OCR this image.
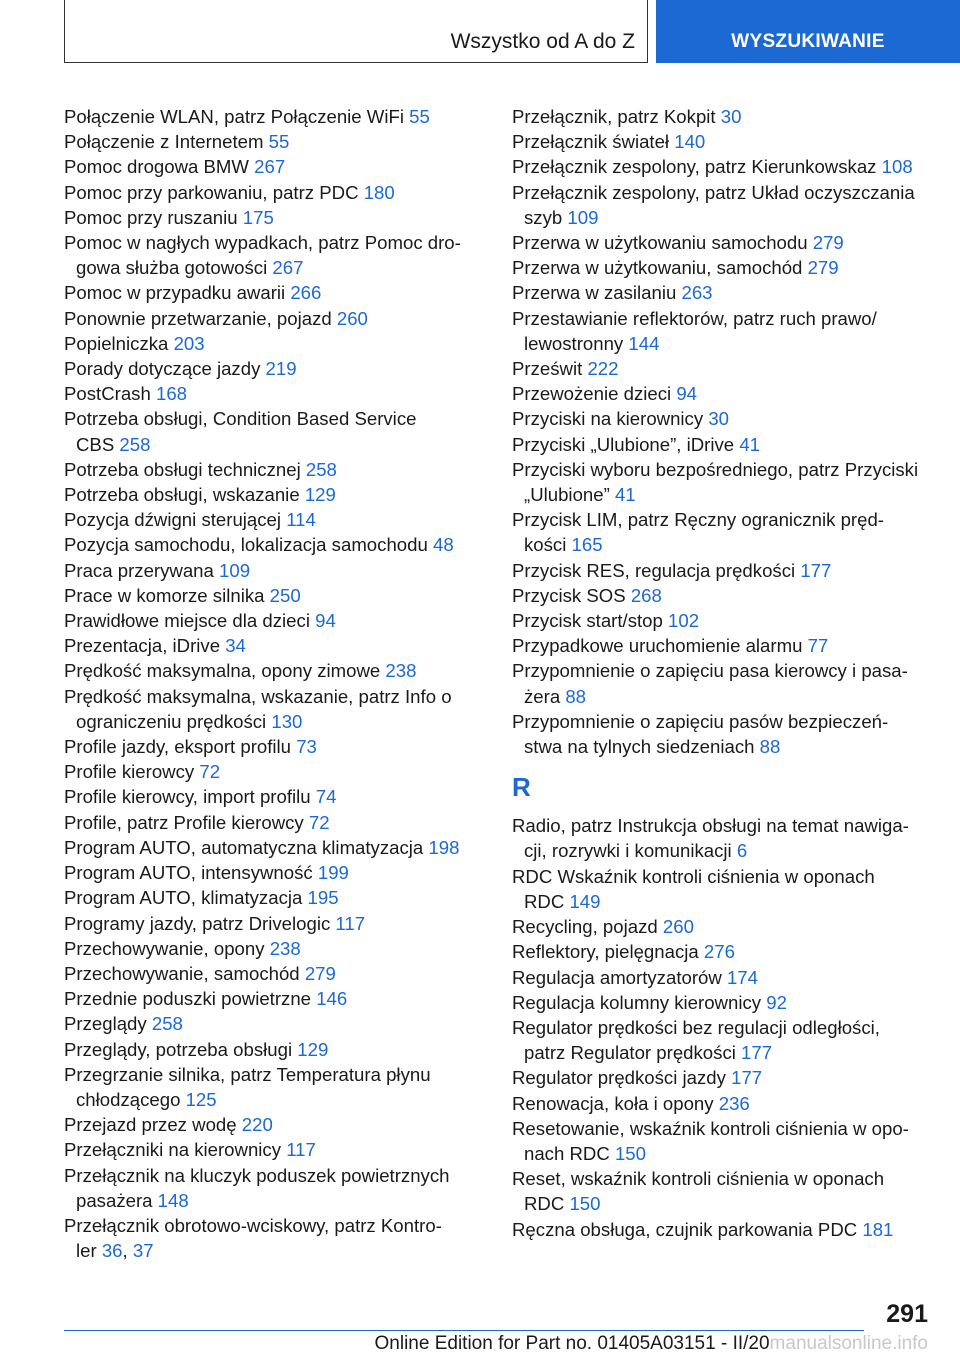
Wszystko od A do Z	WYSZUKIWANIE
Połączenie WLAN, patrz Połączenie WiFi 55
Połączenie z Internetem 55
Pomoc drogowa BMW 267
Pomoc przy parkowaniu, patrz PDC 180
Pomoc przy ruszaniu 175
Pomoc w nagłych wypadkach, patrz Pomoc dro-
gowa służba gotowości 267
Pomoc w przypadku awarii 266
Ponownie przetwarzanie, pojazd 260
Popielniczka 203
Porady dotyczące jazdy 219
PostCrash 168
Potrzeba obsługi, Condition Based Service
CBS 258
Potrzeba obsługi technicznej 258
Potrzeba obsługi, wskazanie 129
Pozycja dźwigni sterującej 114
Pozycja samochodu, lokalizacja samochodu 48
Praca przerywana 109
Prace w komorze silnika 250
Prawidłowe miejsce dla dzieci 94
Prezentacja, iDrive 34
Prędkość maksymalna, opony zimowe 238
Prędkość maksymalna, wskazanie, patrz Info o
ograniczeniu prędkości 130
Profile jazdy, eksport profilu 73
Profile kierowcy 72
Profile kierowcy, import profilu 74
Profile, patrz Profile kierowcy 72
Program AUTO, automatyczna klimatyzacja 198
Program AUTO, intensywność 199
Program AUTO, klimatyzacja 195
Programy jazdy, patrz Drivelogic 117
Przechowywanie, opony 238
Przechowywanie, samochód 279
Przednie poduszki powietrzne 146
Przeglądy 258
Przeglądy, potrzeba obsługi 129
Przegrzanie silnika, patrz Temperatura płynu
chłodzącego 125
Przejazd przez wodę 220
Przełączniki na kierownicy 117
Przełącznik na kluczyk poduszek powietrznych
pasażera 148
Przełącznik obrotowo-wciskowy, patrz Kontro-
ler 36, 37
Przełącznik, patrz Kokpit 30
Przełącznik świateł 140
Przełącznik zespolony, patrz Kierunkowskaz 108
Przełącznik zespolony, patrz Układ oczyszczania
szyb 109
Przerwa w użytkowaniu samochodu 279
Przerwa w użytkowaniu, samochód 279
Przerwa w zasilaniu 263
Przestawianie reflektorów, patrz ruch prawo/
lewostronny 144
Prześwit 222
Przewożenie dzieci 94
Przyciski na kierownicy 30
Przyciski „Ulubione”, iDrive 41
Przyciski wyboru bezpośredniego, patrz Przyciski
„Ulubione” 41
Przycisk LIM, patrz Ręczny ogranicznik pręd-
kości 165
Przycisk RES, regulacja prędkości 177
Przycisk SOS 268
Przycisk start/stop 102
Przypadkowe uruchomienie alarmu 77
Przypomnienie o zapięciu pasa kierowcy i pasa-
żera 88
Przypomnienie o zapięciu pasów bezpieczeń-
stwa na tylnych siedzeniach 88
R
Radio, patrz Instrukcja obsługi na temat nawiga-
cji, rozrywki i komunikacji 6
RDC Wskaźnik kontroli ciśnienia w oponach
RDC 149
Recycling, pojazd 260
Reflektory, pielęgnacja 276
Regulacja amortyzatorów 174
Regulacja kolumny kierownicy 92
Regulator prędkości bez regulacji odległości,
patrz Regulator prędkości 177
Regulator prędkości jazdy 177
Renowacja, koła i opony 236
Resetowanie, wskaźnik kontroli ciśnienia w opo-
nach RDC 150
Reset, wskaźnik kontroli ciśnienia w oponach
RDC 150
Ręczna obsługa, czujnik parkowania PDC 181
291
Online Edition for Part no. 01405A03151 - II/20manualsonline.info
